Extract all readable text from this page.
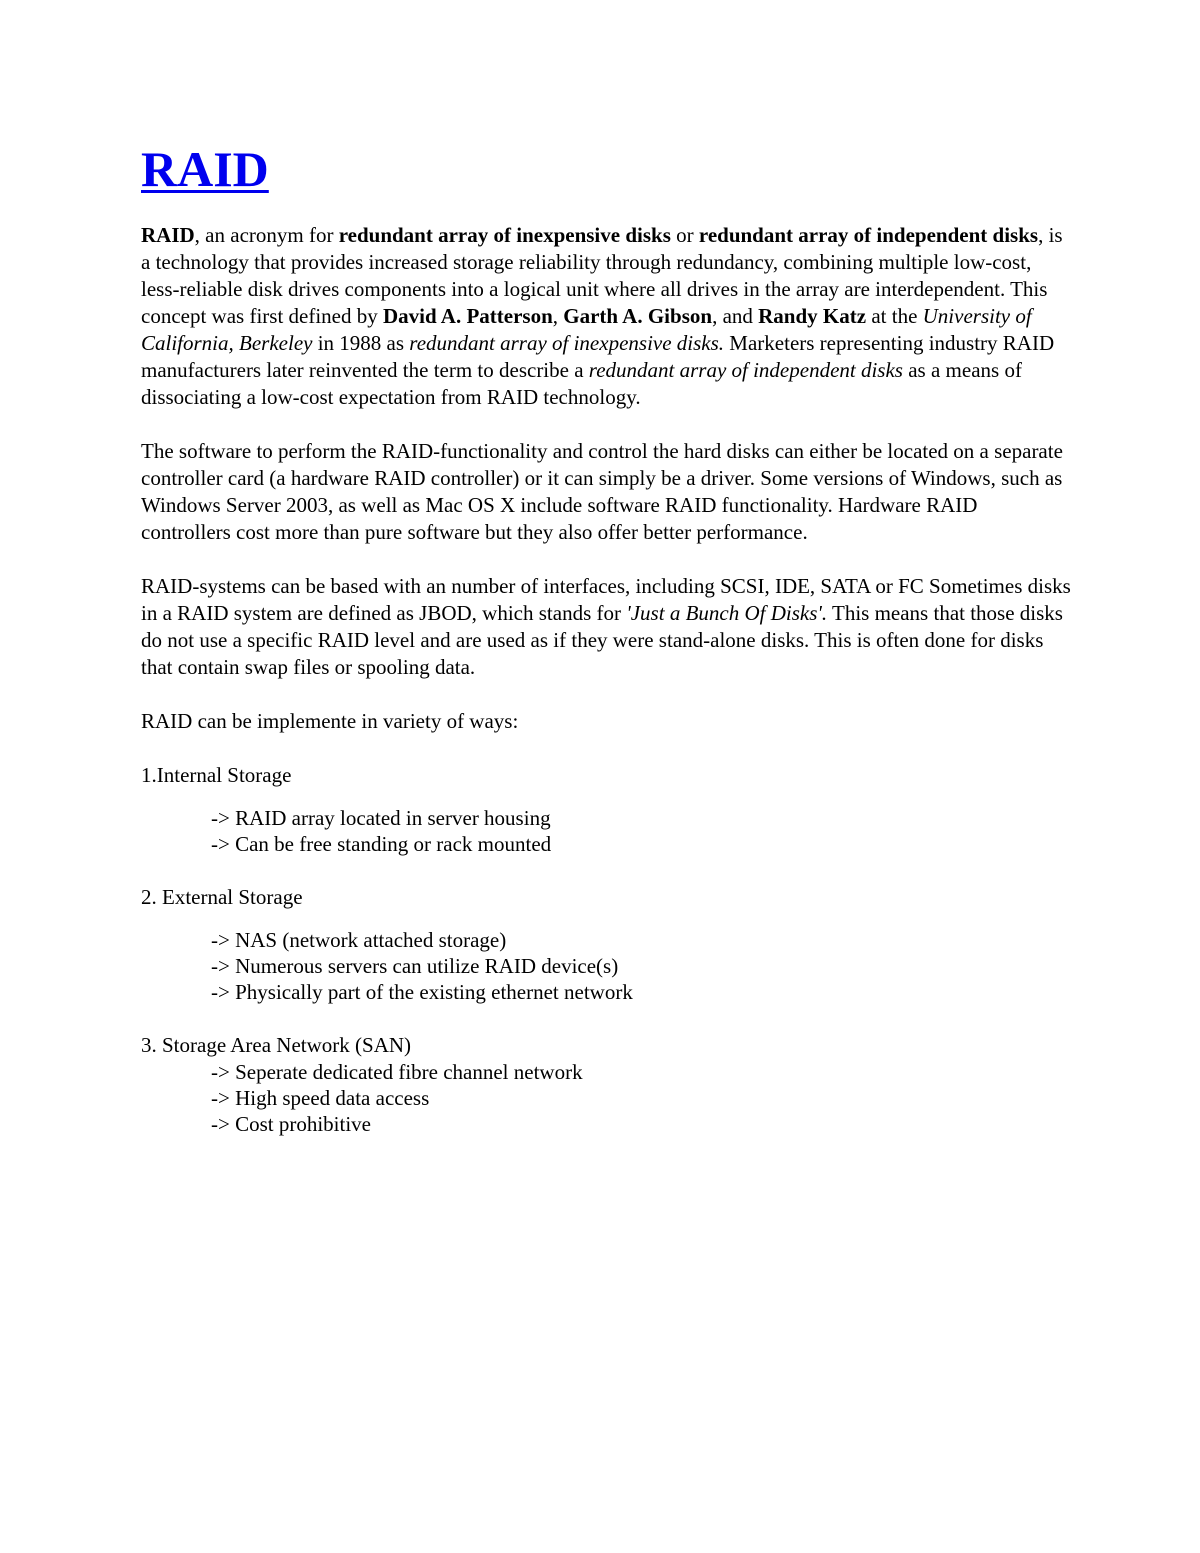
RAID

RAID, an acronym for redundant array of inexpensive disks or redundant array of independent disks, is a technology that provides increased storage reliability through redundancy, combining multiple low-cost, less-reliable disk drives components into a logical unit where all drives in the array are interdependent. This concept was first defined by David A. Patterson, Garth A. Gibson, and Randy Katz at the University of California, Berkeley in 1988 as redundant array of inexpensive disks. Marketers representing industry RAID manufacturers later reinvented the term to describe a redundant array of independent disks as a means of dissociating a low-cost expectation from RAID technology.

The software to perform the RAID-functionality and control the hard disks can either be located on a separate controller card (a hardware RAID controller) or it can simply be a driver. Some versions of Windows, such as Windows Server 2003, as well as Mac OS X include software RAID functionality. Hardware RAID controllers cost more than pure software but they also offer better performance.

RAID-systems can be based with an number of interfaces, including SCSI, IDE, SATA or FC Sometimes disks in a RAID system are defined as JBOD, which stands for 'Just a Bunch Of Disks'. This means that those disks do not use a specific RAID level and are used as if they were stand-alone disks. This is often done for disks that contain swap files or spooling data.

RAID can be implemente in variety of ways:

1.Internal Storage

-> RAID array located in server housing

-> Can be free standing or rack mounted

2. External Storage

-> NAS (network attached storage)

-> Numerous servers can utilize RAID device(s)

-> Physically part of the existing ethernet network

3. Storage Area Network (SAN)

-> Seperate dedicated fibre channel network

-> High speed data access

-> Cost prohibitive
